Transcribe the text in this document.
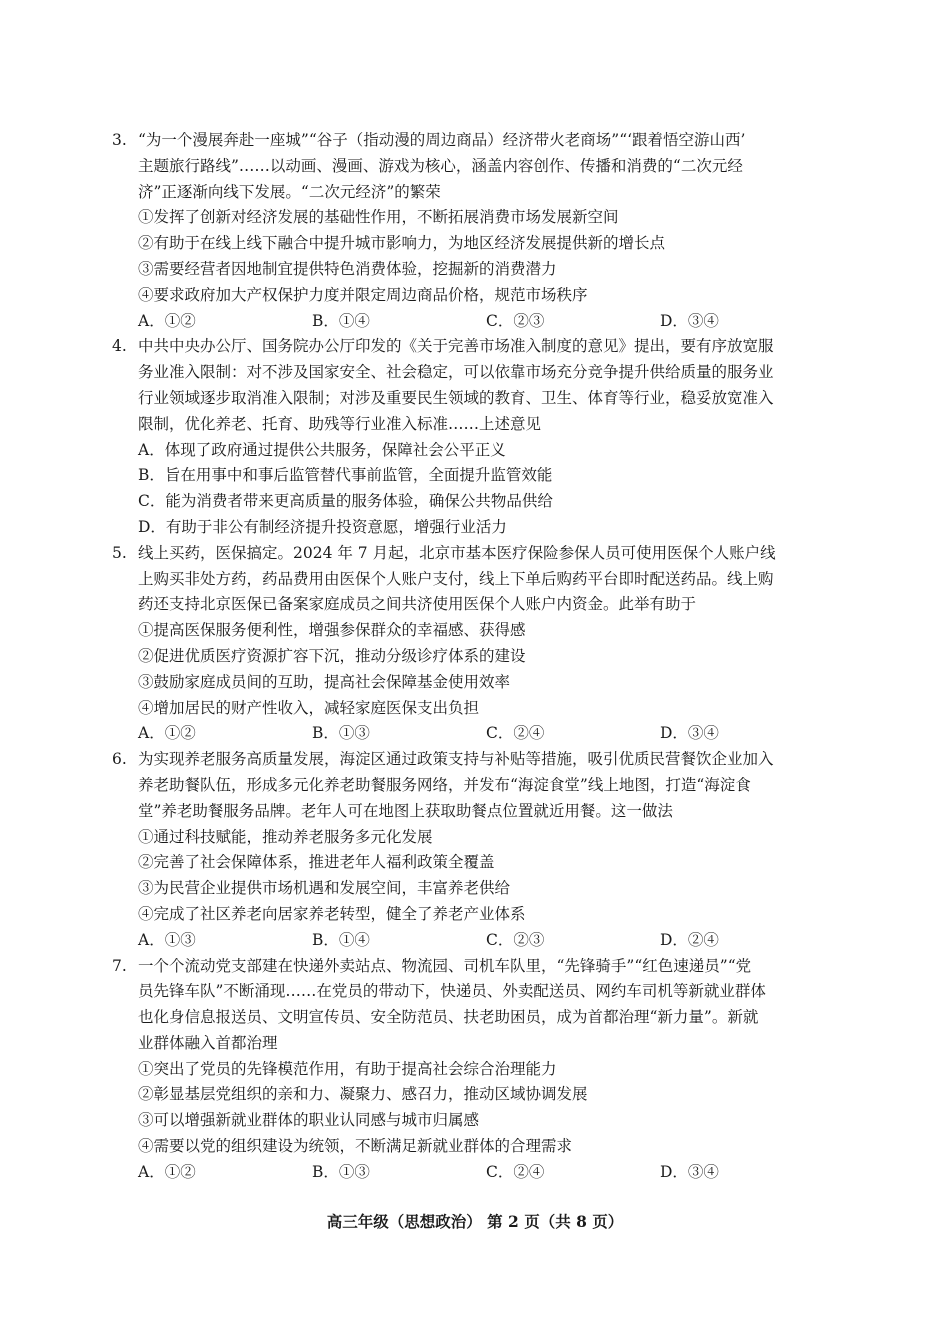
3. “为一个漫展奔赴一座城”“谷子（指动漫的周边商品）经济带火老商场”“‘跟着悟空游山西’

主题旅行路线”……以动画、漫画、游戏为核心，涵盖内容创作、传播和消费的“二次元经

济”正逐渐向线下发展。“二次元经济”的繁荣

①发挥了创新对经济发展的基础性作用，不断拓展消费市场发展新空间

②有助于在线上线下融合中提升城市影响力，为地区经济发展提供新的增长点

③需要经营者因地制宜提供特色消费体验，挖掘新的消费潜力

④要求政府加大产权保护力度并限定周边商品价格，规范市场秩序

A．①②	B．①④	C．②③	D．③④
4. 中共中央办公厅、国务院办公厅印发的《关于完善市场准入制度的意见》提出，要有序放宽服

务业准入限制：对不涉及国家安全、社会稳定，可以依靠市场充分竞争提升供给质量的服务业

行业领域逐步取消准入限制；对涉及重要民生领域的教育、卫生、体育等行业，稳妥放宽准入

限制，优化养老、托育、助残等行业准入标准……上述意见

A．体现了政府通过提供公共服务，保障社会公平正义

B．旨在用事中和事后监管替代事前监管，全面提升监管效能

C．能为消费者带来更高质量的服务体验，确保公共物品供给

D．有助于非公有制经济提升投资意愿，增强行业活力

5. 线上买药，医保搞定。2024 年 7 月起，北京市基本医疗保险参保人员可使用医保个人账户线

上购买非处方药，药品费用由医保个人账户支付，线上下单后购药平台即时配送药品。线上购

药还支持北京医保已备案家庭成员之间共济使用医保个人账户内资金。此举有助于

①提高医保服务便利性，增强参保群众的幸福感、获得感

②促进优质医疗资源扩容下沉，推动分级诊疗体系的建设

③鼓励家庭成员间的互助，提高社会保障基金使用效率

④增加居民的财产性收入，减轻家庭医保支出负担

A．①②	B．①③	C．②④	D．③④
6. 为实现养老服务高质量发展，海淀区通过政策支持与补贴等措施，吸引优质民营餐饮企业加入

养老助餐队伍，形成多元化养老助餐服务网络，并发布“海淀食堂”线上地图，打造“海淀食

堂”养老助餐服务品牌。老年人可在地图上获取助餐点位置就近用餐。这一做法

①通过科技赋能，推动养老服务多元化发展

②完善了社会保障体系，推进老年人福利政策全覆盖

③为民营企业提供市场机遇和发展空间，丰富养老供给

④完成了社区养老向居家养老转型，健全了养老产业体系

A．①③	B．①④	C．②③	D．②④
7. 一个个流动党支部建在快递外卖站点、物流园、司机车队里，“先锋骑手”“红色速递员”“党

员先锋车队”不断涌现……在党员的带动下，快递员、外卖配送员、网约车司机等新就业群体

也化身信息报送员、文明宣传员、安全防范员、扶老助困员，成为首都治理“新力量”。新就

业群体融入首都治理

①突出了党员的先锋模范作用，有助于提高社会综合治理能力

②彰显基层党组织的亲和力、凝聚力、感召力，推动区域协调发展

③可以增强新就业群体的职业认同感与城市归属感

④需要以党的组织建设为统领，不断满足新就业群体的合理需求

A．①②	B．①③	C．②④	D．③④
高三年级（思想政治） 第 2 页（共 8 页）
